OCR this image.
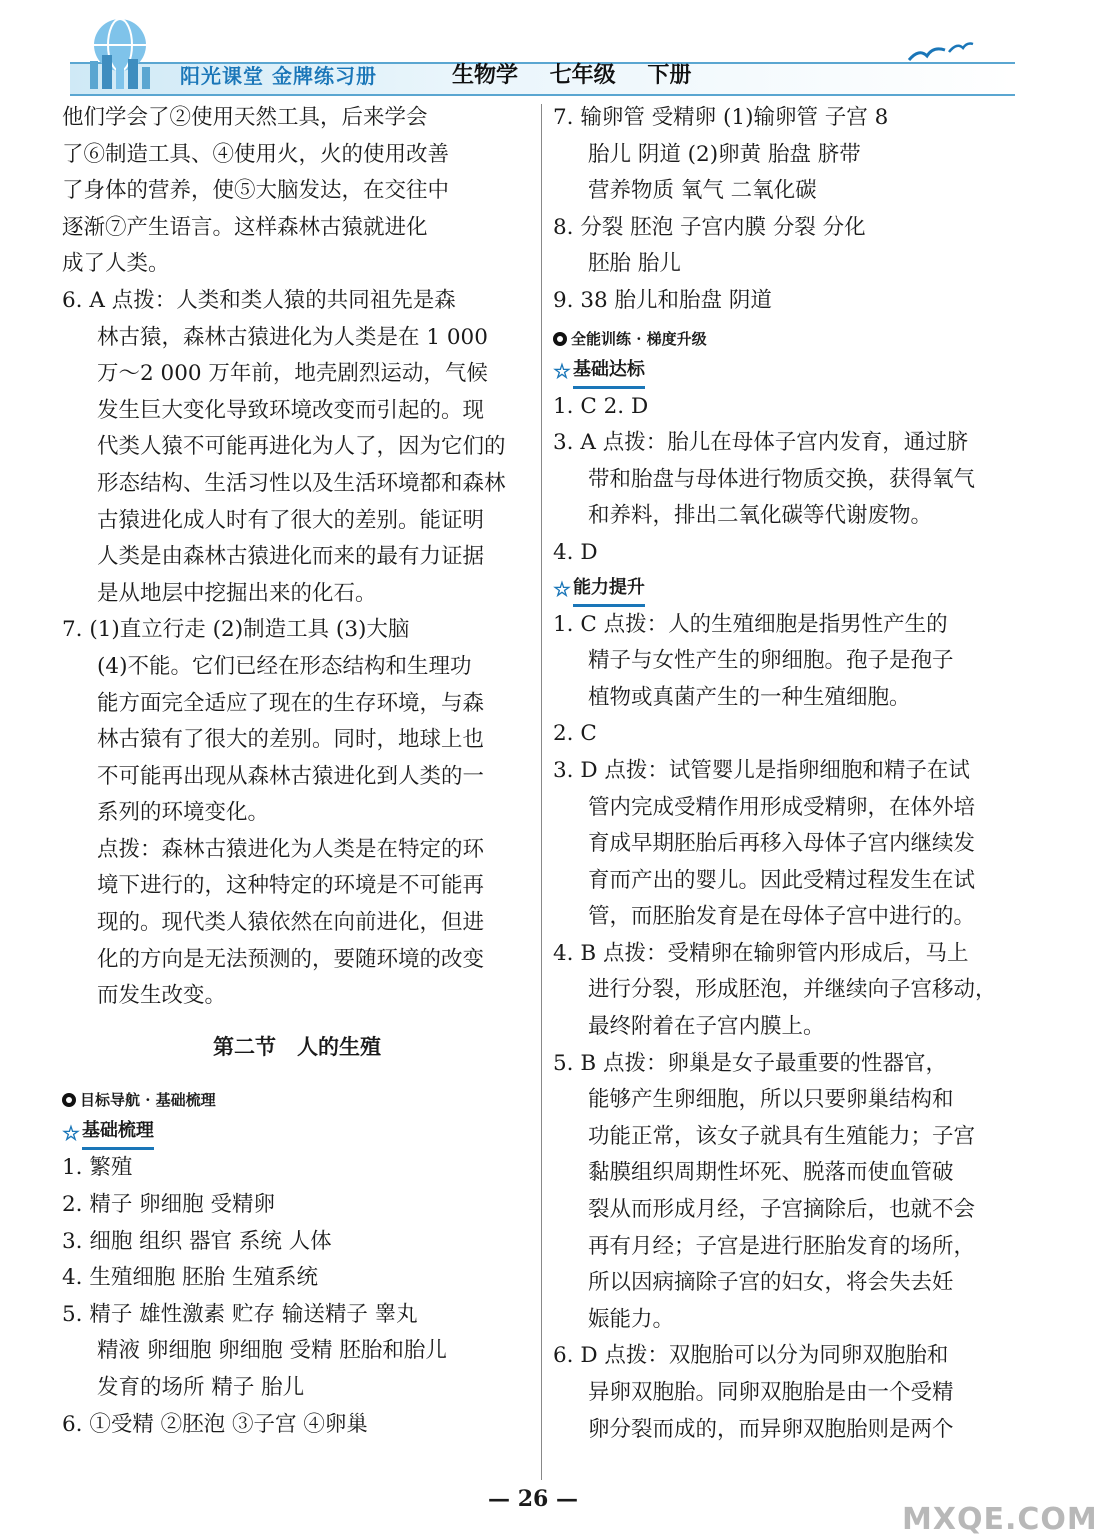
阳光课堂 金牌练习册	生物学 七年级 下册

他们学会了②使用天然工具，后来学会

了⑥制造工具、④使用火，火的使用改善

了身体的营养，使⑤大脑发达，在交往中

逐渐⑦产生语言。这样森林古猿就进化

成了人类。

6. A 点拨：人类和类人猿的共同祖先是森

林古猿，森林古猿进化为人类是在 1 000

万～2 000 万年前，地壳剧烈运动，气候

发生巨大变化导致环境改变而引起的。现

代类人猿不可能再进化为人了，因为它们的

形态结构、生活习性以及生活环境都和森林

古猿进化成人时有了很大的差别。能证明

人类是由森林古猿进化而来的最有力证据

是从地层中挖掘出来的化石。

7. (1)直立行走 (2)制造工具 (3)大脑

(4)不能。它们已经在形态结构和生理功

能方面完全适应了现在的生存环境，与森

林古猿有了很大的差别。同时，地球上也

不可能再出现从森林古猿进化到人类的一

系列的环境变化。

点拨：森林古猿进化为人类是在特定的环

境下进行的，这种特定的环境是不可能再

现的。现代类人猿依然在向前进化，但进

化的方向是无法预测的，要随环境的改变

而发生改变。

第二节　人的生殖
目标导航 · 基础梳理
☆ 基础梳理

1. 繁殖

2. 精子 卵细胞 受精卵

3. 细胞 组织 器官 系统 人体

4. 生殖细胞 胚胎 生殖系统

5. 精子 雄性激素 贮存 输送精子 睾丸

精液 卵细胞 卵细胞 受精 胚胎和胎儿

发育的场所 精子 胎儿

6. ①受精 ②胚泡 ③子宫 ④卵巢

7. 输卵管 受精卵 (1)输卵管 子宫 8

胎儿 阴道 (2)卵黄 胎盘 脐带

营养物质 氧气 二氧化碳

8. 分裂 胚泡 子宫内膜 分裂 分化

胚胎 胎儿

9. 38 胎儿和胎盘 阴道

全能训练 · 梯度升级
☆ 基础达标

1. C 2. D

3. A 点拨：胎儿在母体子宫内发育，通过脐

带和胎盘与母体进行物质交换，获得氧气

和养料，排出二氧化碳等代谢废物。

4. D

☆ 能力提升

1. C 点拨：人的生殖细胞是指男性产生的

精子与女性产生的卵细胞。孢子是孢子

植物或真菌产生的一种生殖细胞。

2. C

3. D 点拨：试管婴儿是指卵细胞和精子在试

管内完成受精作用形成受精卵，在体外培

育成早期胚胎后再移入母体子宫内继续发

育而产出的婴儿。因此受精过程发生在试

管，而胚胎发育是在母体子宫中进行的。

4. B 点拨：受精卵在输卵管内形成后，马上

进行分裂，形成胚泡，并继续向子宫移动，

最终附着在子宫内膜上。

5. B 点拨：卵巢是女子最重要的性器官，

能够产生卵细胞，所以只要卵巢结构和

功能正常，该女子就具有生殖能力；子宫

黏膜组织周期性坏死、脱落而使血管破

裂从而形成月经，子宫摘除后，也就不会

再有月经；子宫是进行胚胎发育的场所，

所以因病摘除子宫的妇女，将会失去妊

娠能力。

6. D 点拨：双胞胎可以分为同卵双胞胎和

异卵双胞胎。同卵双胞胎是由一个受精

卵分裂而成的，而异卵双胞胎则是两个

— 26 —
MXQE.COM
